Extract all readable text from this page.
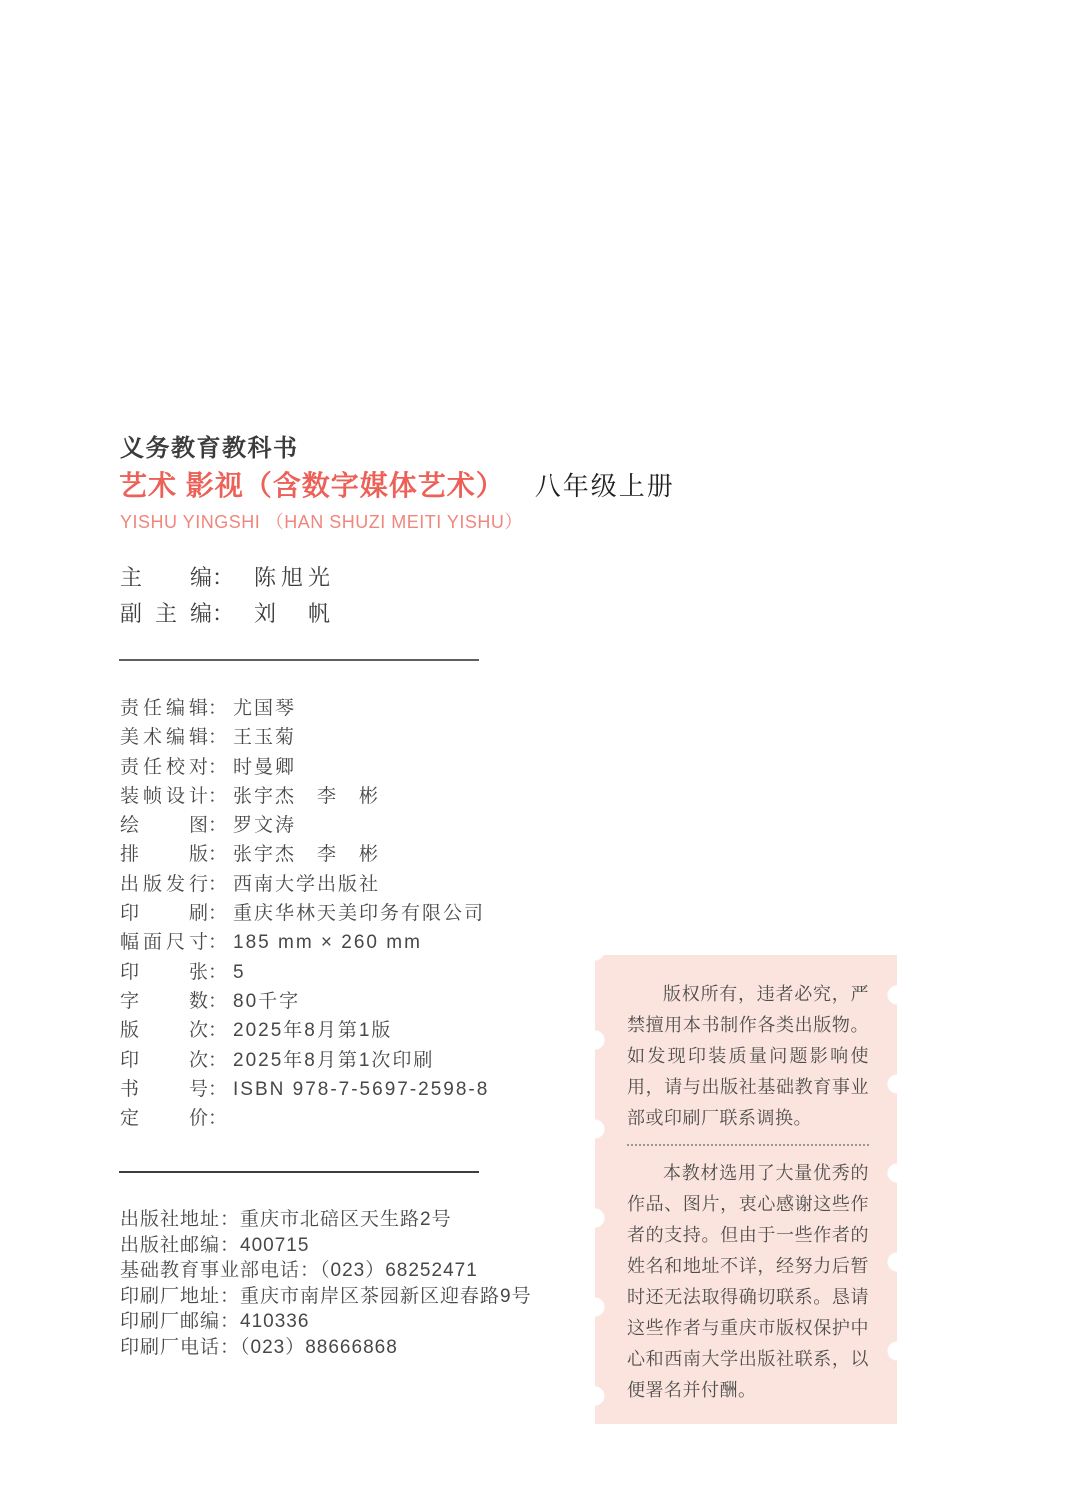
义务教育教科书
艺术 影视（含数字媒体艺术） 八年级上册
YISHU YINGSHI （HAN SHUZI MEITI YISHU）
主编： 陈旭光
副主编： 刘　帆
责任编辑： 尤国琴
美术编辑： 王玉菊
责任校对： 时曼卿
装帧设计： 张宇杰　李　彬
绘图： 罗文涛
排版： 张宇杰　李　彬
出版发行： 西南大学出版社
印刷： 重庆华林天美印务有限公司
幅面尺寸： 185 mm × 260 mm
印张： 5
字数： 80千字
版次： 2025年8月第1版
印次： 2025年8月第1次印刷
书号： ISBN 978-7-5697-2598-8
定价：
出版社地址：重庆市北碚区天生路2号
出版社邮编：400715
基础教育事业部电话：（023）68252471
印刷厂地址：重庆市南岸区茶园新区迎春路9号
印刷厂邮编：410336
印刷厂电话：（023）88666868

版权所有，违者必究，严禁擅用本书制作各类出版物。如发现印装质量问题影响使用，请与出版社基础教育事业部或印刷厂联系调换。

本教材选用了大量优秀的作品、图片，衷心感谢这些作者的支持。但由于一些作者的姓名和地址不详，经努力后暂时还无法取得确切联系。恳请这些作者与重庆市版权保护中心和西南大学出版社联系，以便署名并付酬。
